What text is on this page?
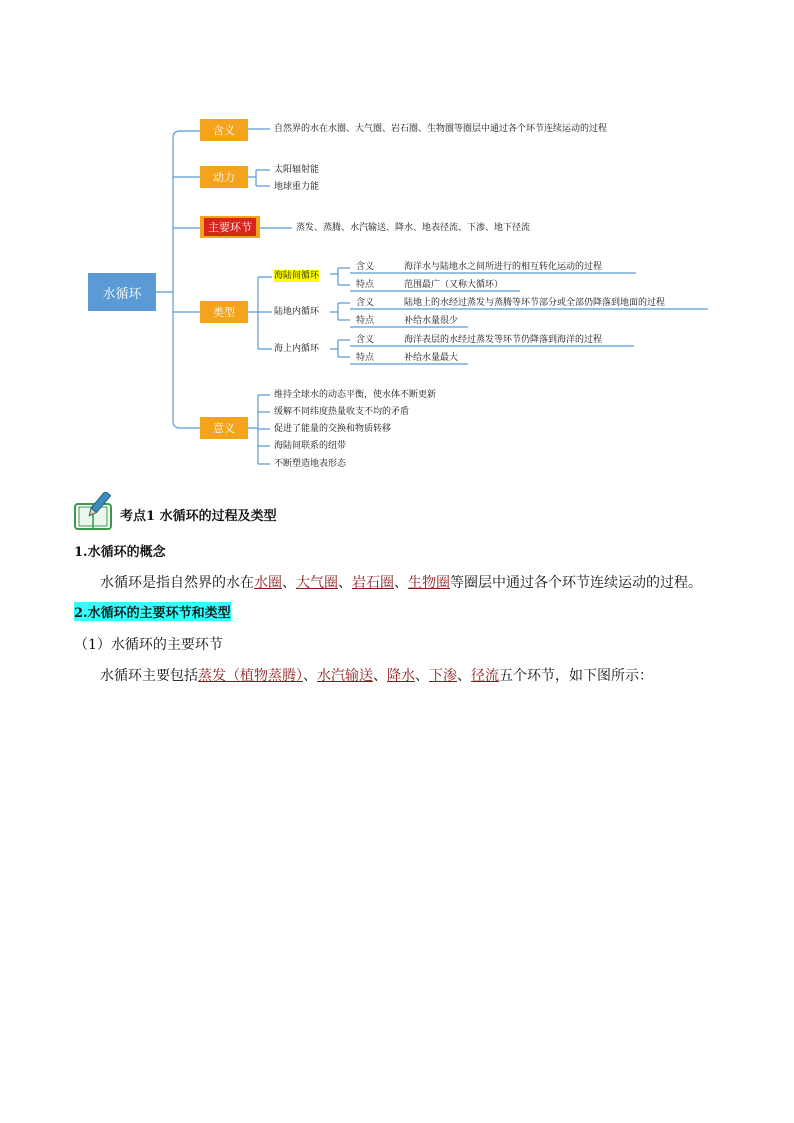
水循环
含义
动力
主要环节
类型
意义
自然界的水在水圈、大气圈、岩石圈、生物圈等圈层中通过各个环节连续运动的过程
太阳辐射能
地球重力能
蒸发、蒸腾、水汽输送、降水、地表径流、下渗、地下径流
海陆间循环
含义	海洋水与陆地水之间所进行的相互转化运动的过程
特点	范围最广（又称大循环）
陆地内循环
含义	陆地上的水经过蒸发与蒸腾等环节部分或全部仍降落到地面的过程
特点	补给水量很少
海上内循环
含义	海洋表层的水经过蒸发等环节仍降落到海洋的过程
特点	补给水量最大
维持全球水的动态平衡，使水体不断更新
缓解不同纬度热量收支不均的矛盾
促进了能量的交换和物质转移
海陆间联系的纽带
不断塑造地表形态
考点1 水循环的过程及类型
1.水循环的概念
水循环是指自然界的水在水圈、大气圈、岩石圈、生物圈等圈层中通过各个环节连续运动的过程。
2.水循环的主要环节和类型
（1）水循环的主要环节
水循环主要包括蒸发（植物蒸腾）、水汽输送、降水、下渗、径流五个环节，如下图所示：
